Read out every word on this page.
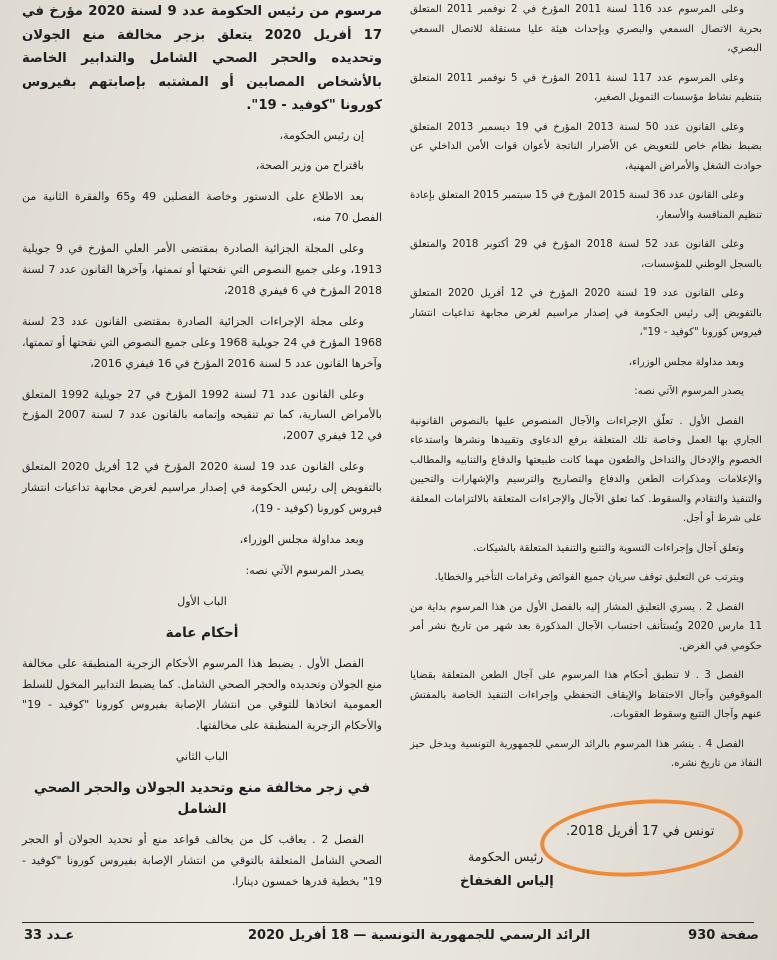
وعلى المرسوم عدد 116 لسنة 2011 المؤرخ في 2 نوفمبر 2011 المتعلق بحرية الاتصال السمعي والبصري وبإحداث هيئة عليا مستقلة للاتصال السمعي البصري،

وعلى المرسوم عدد 117 لسنة 2011 المؤرخ في 5 نوفمبر 2011 المتعلق بتنظيم نشاط مؤسسات التمويل الصغير،

وعلى القانون عدد 50 لسنة 2013 المؤرخ في 19 ديسمبر 2013 المتعلق بضبط نظام خاص للتعويض عن الأضرار الناتجة لأعوان قوات الأمن الداخلي عن حوادث الشغل والأمراض المهنية،

وعلى القانون عدد 36 لسنة 2015 المؤرخ في 15 سبتمبر 2015 المتعلق بإعادة تنظيم المنافسة والأسعار،

وعلى القانون عدد 52 لسنة 2018 المؤرخ في 29 أكتوبر 2018 والمتعلق بالسجل الوطني للمؤسسات،

وعلى القانون عدد 19 لسنة 2020 المؤرخ في 12 أفريل 2020 المتعلق بالتفويض إلى رئيس الحكومة في إصدار مراسيم لغرض مجابهة تداعيات انتشار فيروس كورونا "كوفيد - 19"،

وبعد مداولة مجلس الوزراء،

يصدر المرسوم الآتي نصه:

الفصل الأول . تعلّق الإجراءات والآجال المنصوص عليها بالنصوص القانونية الجاري بها العمل وخاصة تلك المتعلقة برفع الدعاوى وتقييدها ونشرها واستدعاء الخصوم والإدخال والتداخل والطعون مهما كانت طبيعتها والدفاع والتنابيه والمطالب والإعلامات ومذكرات الطعن والدفاع والتصاريح والترسيم والإشهارات والتحيين والتنفيذ والتقادم والسقوط. كما تعلق الآجال والإجراءات المتعلقة بالالتزامات المعلقة على شرط أو أجل.

وتعلق آجال وإجراءات التسوية والتتبع والتنفيذ المتعلقة بالشيكات.

ويترتب عن التعليق توقف سريان جميع الفوائض وغرامات التأخير والخطايا.

الفصل 2 . يسري التعليق المشار إليه بالفصل الأول من هذا المرسوم بداية من 11 مارس 2020 ويُستأنف احتساب الآجال المذكورة بعد شهر من تاريخ نشر أمر حكومي في الغرض.

الفصل 3 . لا تنطبق أحكام هذا المرسوم على آجال الطعن المتعلقة بقضايا الموقوفين وآجال الاحتفاظ والإيقاف التحفظي وإجراءات التنفيذ الخاصة بالمفتش عنهم وآجال التتبع وسقوط العقوبات.

الفصل 4 . ينشر هذا المرسوم بالرائد الرسمي للجمهورية التونسية ويدخل حيز النفاذ من تاريخ نشره.

مرسوم من رئيس الحكومة عدد 9 لسنة 2020 مؤرخ في 17 أفريل 2020 يتعلق بزجر مخالفة منع الجولان وتحديده والحجر الصحي الشامل والتدابير الخاصة بالأشخاص المصابين أو المشتبه بإصابتهم بفيروس كورونا "كوفيد - 19".

إن رئيس الحكومة،

باقتراح من وزير الصحة،

بعد الاطلاع على الدستور وخاصة الفصلين 49 و65 والفقرة الثانية من الفصل 70 منه،

وعلى المجلة الجزائية الصادرة بمقتضى الأمر العلي المؤرخ في 9 جويلية 1913، وعلى جميع النصوص التي نقحتها أو تممتها، وآخرها القانون عدد 7 لسنة 2018 المؤرخ في 6 فيفري 2018،

وعلى مجلة الإجراءات الجزائية الصادرة بمقتضى القانون عدد 23 لسنة 1968 المؤرخ في 24 جويلية 1968 وعلى جميع النصوص التي نقحتها أو تممتها، وآخرها القانون عدد 5 لسنة 2016 المؤرخ في 16 فيفري 2016،

وعلى القانون عدد 71 لسنة 1992 المؤرخ في 27 جويلية 1992 المتعلق بالأمراض السارية، كما تم تنقيحه وإتمامه بالقانون عدد 7 لسنة 2007 المؤرخ في 12 فيفري 2007،

وعلى القانون عدد 19 لسنة 2020 المؤرخ في 12 أفريل 2020 المتعلق بالتفويض إلى رئيس الحكومة في إصدار مراسيم لغرض مجابهة تداعيات انتشار فيروس كورونا (كوفيد - 19)،

وبعد مداولة مجلس الوزراء،

يصدر المرسوم الآتي نصه:

الباب الأول

أحكام عامة

الفصل الأول . يضبط هذا المرسوم الأحكام الزجرية المنطبقة على مخالفة منع الجولان وتحديده والحجر الصحي الشامل. كما يضبط التدابير المخول للسلط العمومية اتخاذها للتوقي من انتشار الإصابة بفيروس كورونا "كوفيد - 19" والأحكام الزجرية المنطبقة على مخالفتها.

الباب الثاني

في زجر مخالفة منع وتحديد الجولان والحجر الصحي الشامل

الفصل 2 . يعاقب كل من يخالف قواعد منع أو تحديد الجولان أو الحجر الصحي الشامل المتعلقة بالتوقي من انتشار الإصابة بفيروس كورونا "كوفيد - 19" بخطية قدرها خمسون دينارا.

تونس في 17 أفريل 2018.
رئيس الحكومة
إلياس الفخفاخ
صفحة 930
الرائد الرسمي للجمهورية التونسية — 18 أفريل 2020
عـدد 33
